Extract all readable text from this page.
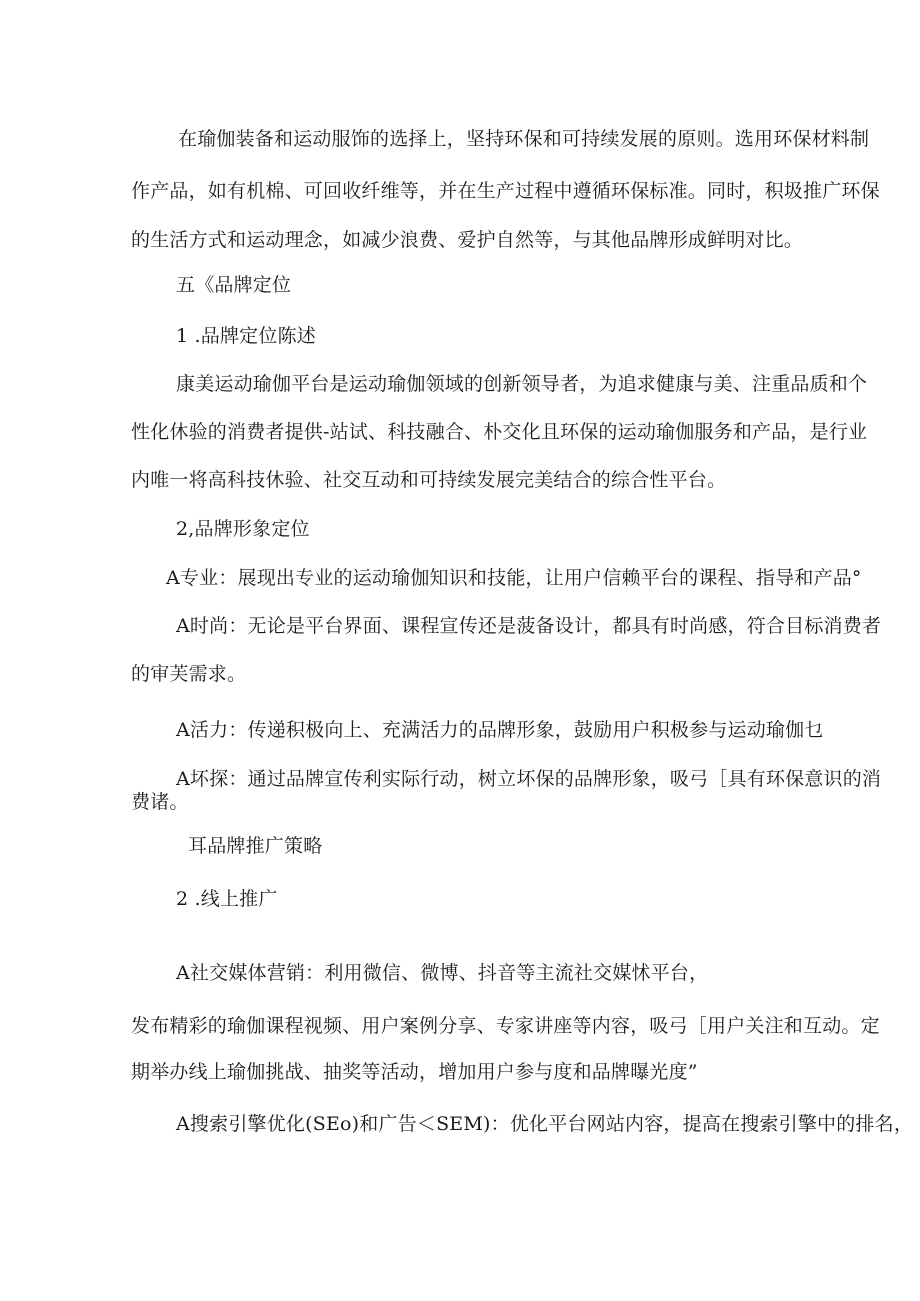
在瑜伽装备和运动服饰的选择上，坚持环保和可持续发展的原则。选用环保材料制
作产品，如有机棉、可回收纤维等，并在生产过程中遵循环保标准。同时，积圾推广环保
的生活方式和运动理念，如减少浪费、爱护自然等，与其他品牌形成鲜明对比。
五《品牌定位
1 .品牌定位陈述
康美运动瑜伽平台是运动瑜伽领域的创新领导者，为追求健康与美、注重品质和个
性化休验的消费者提供-站试、科技融合、朴交化且环保的运动瑜伽服务和产品，是行业
内唯一将高科技休验、社交互动和可持续发展完美结合的综合性平台。
2,品牌形象定位
A专业：展现出专业的运动瑜伽知识和技能，让用户信赖平台的课程、指导和产品°
A时尚：无论是平台界面、课程宣传还是菠备设计，都具有时尚感，符合目标消费者
的审芙需求。
A活力：传递积极向上、充满活力的品牌形象，鼓励用户积极参与运动瑜伽乜
A坏探：通过品牌宣传利实际行动，树立坏保的品牌形象，吸弓［具有环保意识的消
费诸。
耳品牌推广策略
2 .线上推广
A社交媒体营销：利用微信、微博、抖音等主流社交媒怵平台，
发布精彩的瑜伽课程视频、用户案例分享、专家讲座等内容，吸弓［用户关注和互动。定
期举办线上瑜伽挑战、抽奖等活动，增加用户参与度和品牌曝光度”
A搜索引擎优化(SEo)和广告＜SEM)：优化平台网站内容，提高在搜索引擎中的排名，
